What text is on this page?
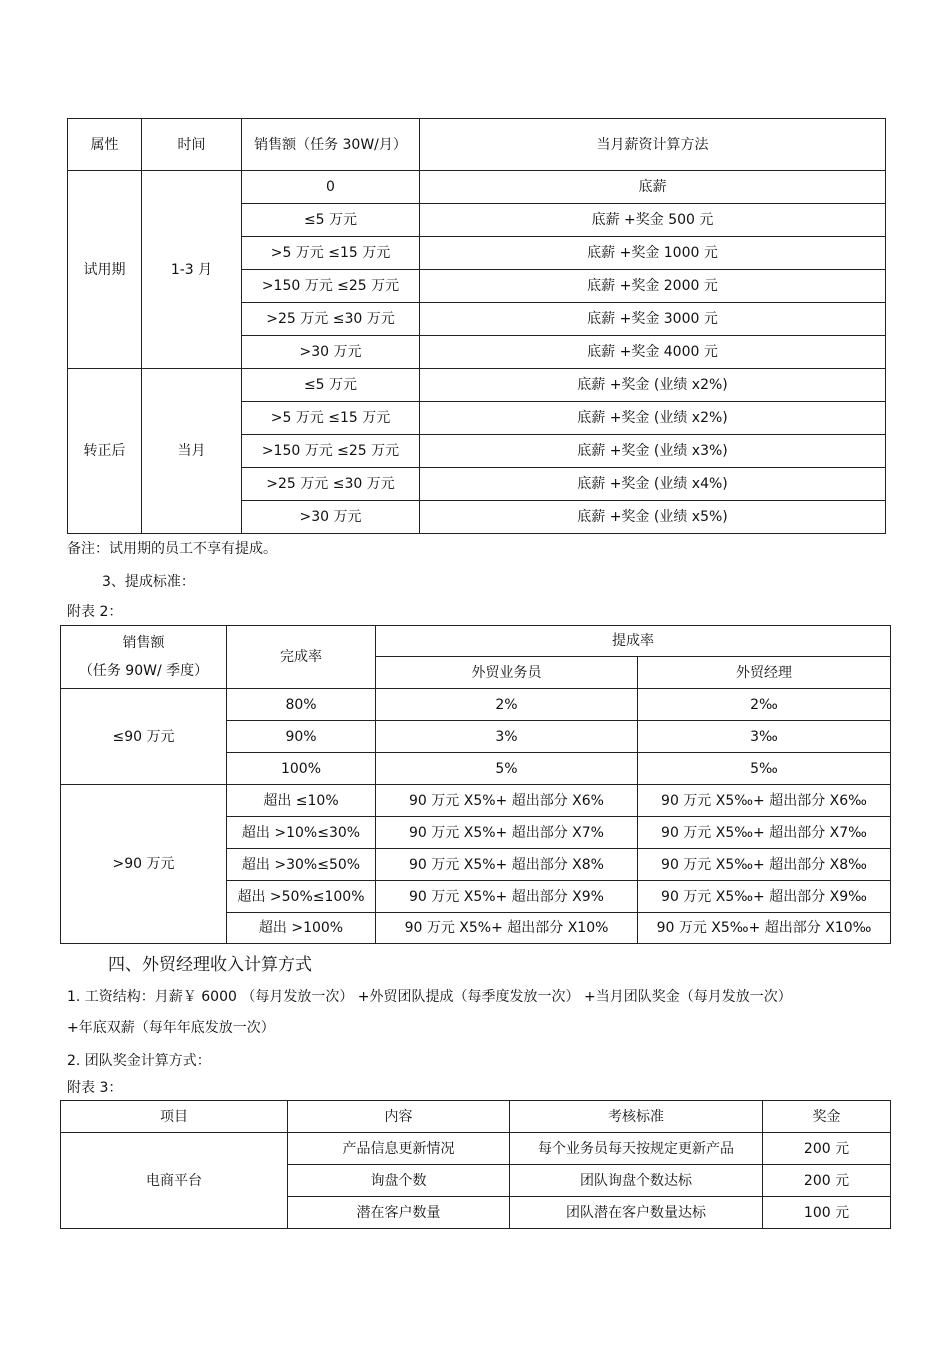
属性	时间	销售额（任务 30W/月）	当月薪资计算方法
试用期	1-3 月	0	底薪
		≤5 万元	底薪 +奖金 500 元
		>5 万元 ≤15 万元	底薪 +奖金 1000 元
		>150 万元 ≤25 万元	底薪 +奖金 2000 元
		>25 万元 ≤30 万元	底薪 +奖金 3000 元
		>30 万元	底薪 +奖金 4000 元
转正后	当月	≤5 万元	底薪 +奖金 (业绩 x2%)
		>5 万元 ≤15 万元	底薪 +奖金 (业绩 x2%)
		>150 万元 ≤25 万元	底薪 +奖金 (业绩 x3%)
		>25 万元 ≤30 万元	底薪 +奖金 (业绩 x4%)
		>30 万元	底薪 +奖金 (业绩 x5%)
备注：试用期的员工不享有提成。
3、提成标准：
附表 2：
销售额
（任务 90W/ 季度）	完成率	提成率	
		外贸业务员	外贸经理
≤90 万元	80%	2%	2‰
	90%	3%	3‰
	100%	5%	5‰
>90 万元	超出 ≤10%	90 万元 X5%+ 超出部分 X6%	90 万元 X5‰+ 超出部分 X6‰
	超出 >10%≤30%	90 万元 X5%+ 超出部分 X7%	90 万元 X5‰+ 超出部分 X7‰
	超出 >30%≤50%	90 万元 X5%+ 超出部分 X8%	90 万元 X5‰+ 超出部分 X8‰
	超出 >50%≤100%	90 万元 X5%+ 超出部分 X9%	90 万元 X5‰+ 超出部分 X9‰
	超出 >100%	90 万元 X5%+ 超出部分 X10%	90 万元 X5‰+ 超出部分 X10‰
四、外贸经理收入计算方式
1. 工资结构：月薪￥ 6000 （每月发放一次） +外贸团队提成（每季度发放一次） +当月团队奖金（每月发放一次）
+年底双薪（每年年底发放一次）
2. 团队奖金计算方式：
附表 3：
项目	内容	考核标准	奖金
电商平台	产品信息更新情况	每个业务员每天按规定更新产品	200 元
	询盘个数	团队询盘个数达标	200 元
	潜在客户数量	团队潜在客户数量达标	100 元
